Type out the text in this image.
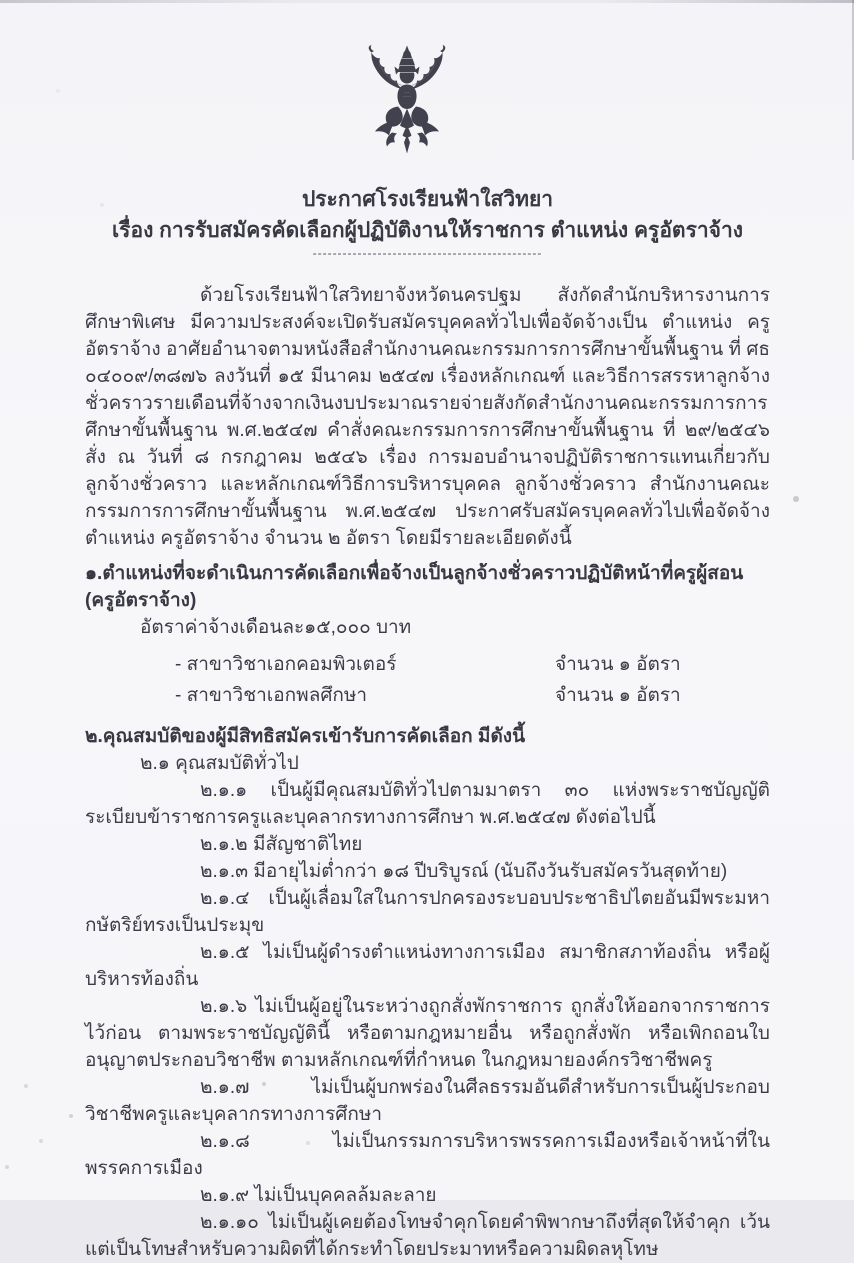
ประกาศโรงเรียนฟ้าใสวิทยา
เรื่อง การรับสมัครคัดเลือกผู้ปฏิบัติงานให้ราชการ ตำแหน่ง ครูอัตราจ้าง
----------------------------------------------

ด้วยโรงเรียนฟ้าใสวิทยาจังหวัดนครปฐม สังกัดสำนักบริหารงานการศึกษาพิเศษ มีความประสงค์จะเปิดรับสมัครบุคคลทั่วไปเพื่อจัดจ้างเป็น ตำแหน่ง ครูอัตราจ้าง อาศัยอำนาจตามหนังสือสำนักงานคณะกรรมการการศึกษาขั้นพื้นฐาน ที่ ศธ ๐๔๐๐๙/๓๘๗๖ ลงวันที่ ๑๕ มีนาคม ๒๕๔๗ เรื่องหลักเกณฑ์ และวิธีการสรรหาลูกจ้างชั่วคราวรายเดือนที่จ้างจากเงินงบประมาณรายจ่ายสังกัดสำนักงานคณะกรรมการการศึกษาขั้นพื้นฐาน พ.ศ.๒๕๔๗ คำสั่งคณะกรรมการการศึกษาขั้นพื้นฐาน ที่ ๒๙/๒๕๔๖ สั่ง ณ วันที่ ๘ กรกฎาคม ๒๕๔๖ เรื่อง การมอบอำนาจปฏิบัติราชการแทนเกี่ยวกับลูกจ้างชั่วคราว และหลักเกณฑ์วิธีการบริหารบุคคล ลูกจ้างชั่วคราว สำนักงานคณะกรรมการการศึกษาขั้นพื้นฐาน พ.ศ.๒๕๔๗ ประกาศรับสมัครบุคคลทั่วไปเพื่อจัดจ้าง ตำแหน่ง ครูอัตราจ้าง จำนวน ๒ อัตรา โดยมีรายละเอียดดังนี้

๑.ตำแหน่งที่จะดำเนินการคัดเลือกเพื่อจ้างเป็นลูกจ้างชั่วคราวปฏิบัติหน้าที่ครูผู้สอน (ครูอัตราจ้าง)

อัตราค่าจ้างเดือนละ๑๕,๐๐๐ บาท

- สาขาวิชาเอกคอมพิวเตอร์	จำนวน ๑ อัตรา
- สาขาวิชาเอกพลศึกษา	จำนวน ๑ อัตรา

๒.คุณสมบัติของผู้มีสิทธิสมัครเข้ารับการคัดเลือก มีดังนี้

๒.๑ คุณสมบัติทั่วไป

๒.๑.๑ เป็นผู้มีคุณสมบัติทั่วไปตามมาตรา ๓๐ แห่งพระราชบัญญัติระเบียบข้าราชการครูและบุคลากรทางการศึกษา พ.ศ.๒๕๔๗ ดังต่อไปนี้

๒.๑.๒ มีสัญชาติไทย

๒.๑.๓ มีอายุไม่ต่ำกว่า ๑๘ ปีบริบูรณ์ (นับถึงวันรับสมัครวันสุดท้าย)

๒.๑.๔ เป็นผู้เลื่อมใสในการปกครองระบอบประชาธิปไตยอันมีพระมหากษัตริย์ทรงเป็นประมุข

๒.๑.๕ ไม่เป็นผู้ดำรงตำแหน่งทางการเมือง สมาชิกสภาท้องถิ่น หรือผู้บริหารท้องถิ่น

๒.๑.๖ ไม่เป็นผู้อยู่ในระหว่างถูกสั่งพักราชการ ถูกสั่งให้ออกจากราชการไว้ก่อน ตามพระราชบัญญัตินี้ หรือตามกฎหมายอื่น หรือถูกสั่งพัก หรือเพิกถอนใบอนุญาตประกอบวิชาชีพ ตามหลักเกณฑ์ที่กำหนด ในกฎหมายองค์กรวิชาชีพครู

๒.๑.๗ ไม่เป็นผู้บกพร่องในศีลธรรมอันดีสำหรับการเป็นผู้ประกอบวิชาชีพครูและบุคลากรทางการศึกษา

๒.๑.๘ ไม่เป็นกรรมการบริหารพรรคการเมืองหรือเจ้าหน้าที่ในพรรคการเมือง

๒.๑.๙ ไม่เป็นบุคคลล้มละลาย

๒.๑.๑๐ ไม่เป็นผู้เคยต้องโทษจำคุกโดยคำพิพากษาถึงที่สุดให้จำคุก เว้นแต่เป็นโทษสำหรับความผิดที่ได้กระทำโดยประมาทหรือความผิดลหุโทษ
